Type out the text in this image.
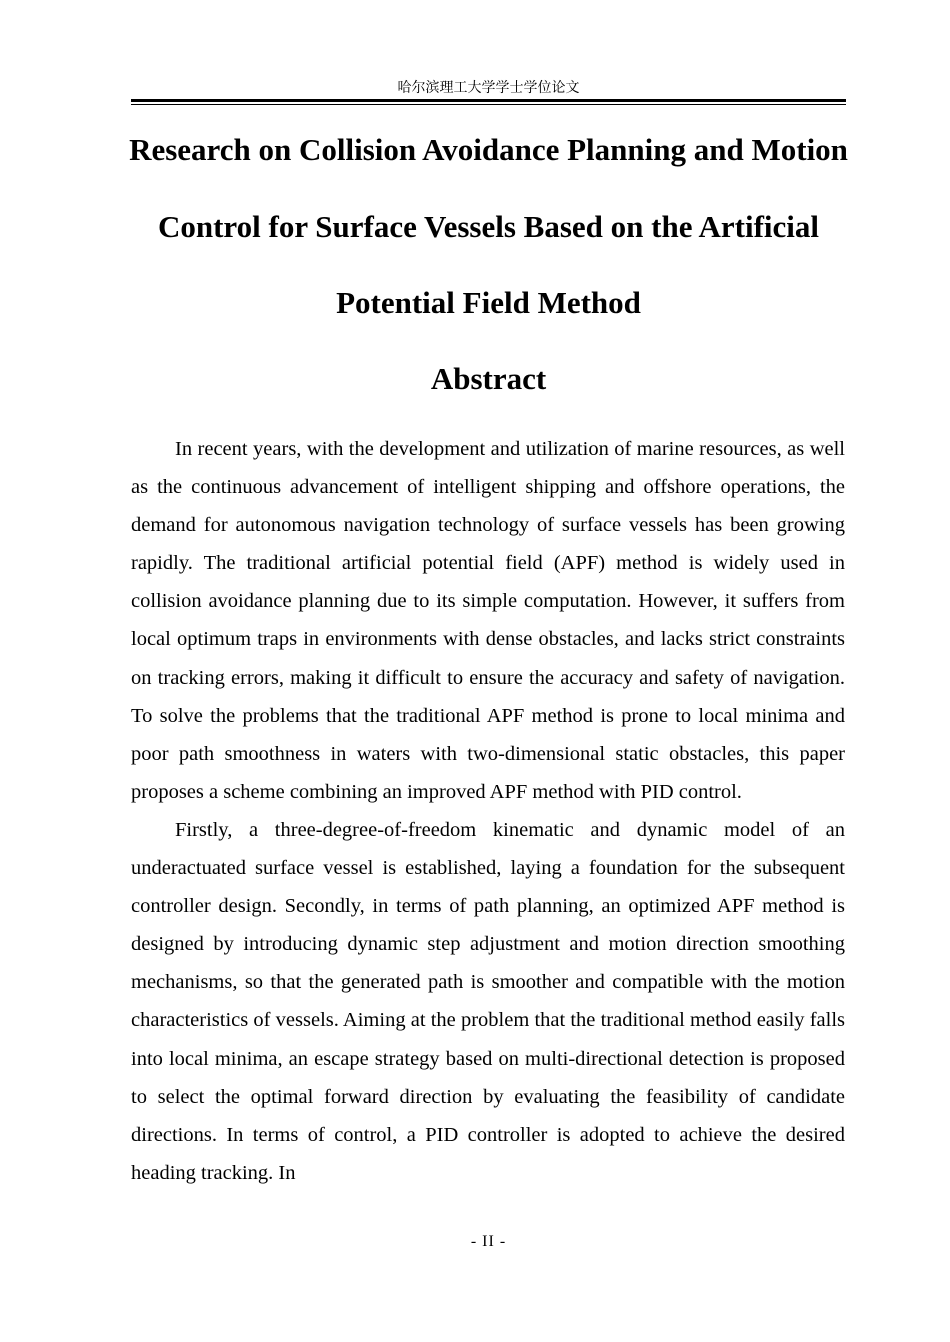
哈尔滨理工大学学士学位论文
Research on Collision Avoidance Planning and Motion Control for Surface Vessels Based on the Artificial Potential Field Method
Abstract

In recent years, with the development and utilization of marine resources, as well as the continuous advancement of intelligent shipping and offshore operations, the demand for autonomous navigation technology of surface vessels has been growing rapidly. The traditional artificial potential field (APF) method is widely used in collision avoidance planning due to its simple computation. However, it suffers from local optimum traps in environments with dense obstacles, and lacks strict constraints on tracking errors, making it difficult to ensure the accuracy and safety of navigation. To solve the problems that the traditional APF method is prone to local minima and poor path smoothness in waters with two-dimensional static obstacles, this paper proposes a scheme combining an improved APF method with PID control.

Firstly, a three-degree-of-freedom kinematic and dynamic model of an underactuated surface vessel is established, laying a foundation for the subsequent controller design. Secondly, in terms of path planning, an optimized APF method is designed by introducing dynamic step adjustment and motion direction smoothing mechanisms, so that the generated path is smoother and compatible with the motion characteristics of vessels. Aiming at the problem that the traditional method easily falls into local minima, an escape strategy based on multi-directional detection is proposed to select the optimal forward direction by evaluating the feasibility of candidate directions. In terms of control, a PID controller is adopted to achieve the desired heading tracking. In

- II -
